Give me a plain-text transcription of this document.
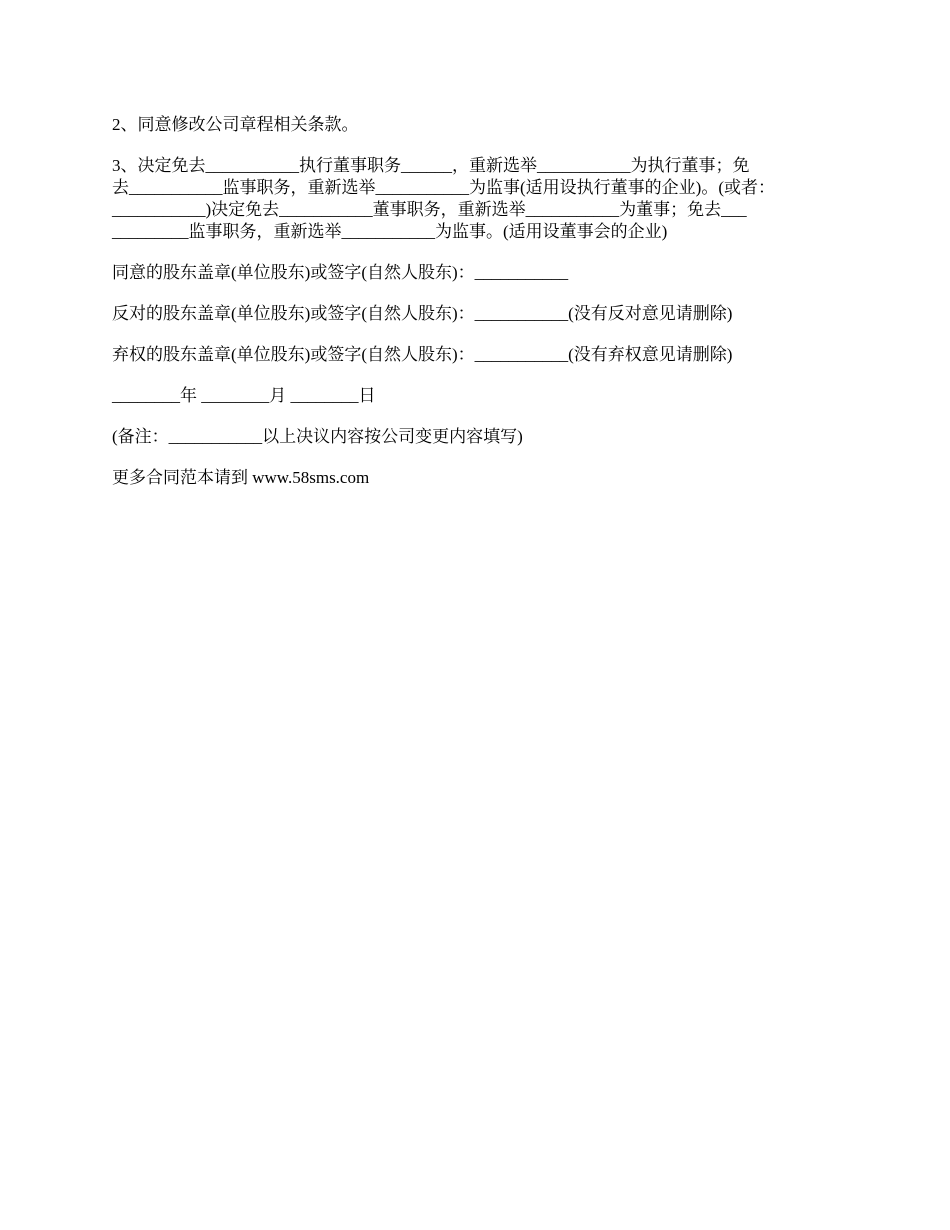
2、同意修改公司章程相关条款。

3、决定免去___________执行董事职务______，重新选举___________为执行董事；免
去___________监事职务，重新选举___________为监事(适用设执行董事的企业)。(或者：
___________)决定免去___________董事职务，重新选举___________为董事；免去___
_________监事职务，重新选举___________为监事。(适用设董事会的企业)

同意的股东盖章(单位股东)或签字(自然人股东)：___________

反对的股东盖章(单位股东)或签字(自然人股东)：___________(没有反对意见请删除)

弃权的股东盖章(单位股东)或签字(自然人股东)：___________(没有弃权意见请删除)

________年 ________月 ________日

(备注：___________以上决议内容按公司变更内容填写)

更多合同范本请到 www.58sms.com
